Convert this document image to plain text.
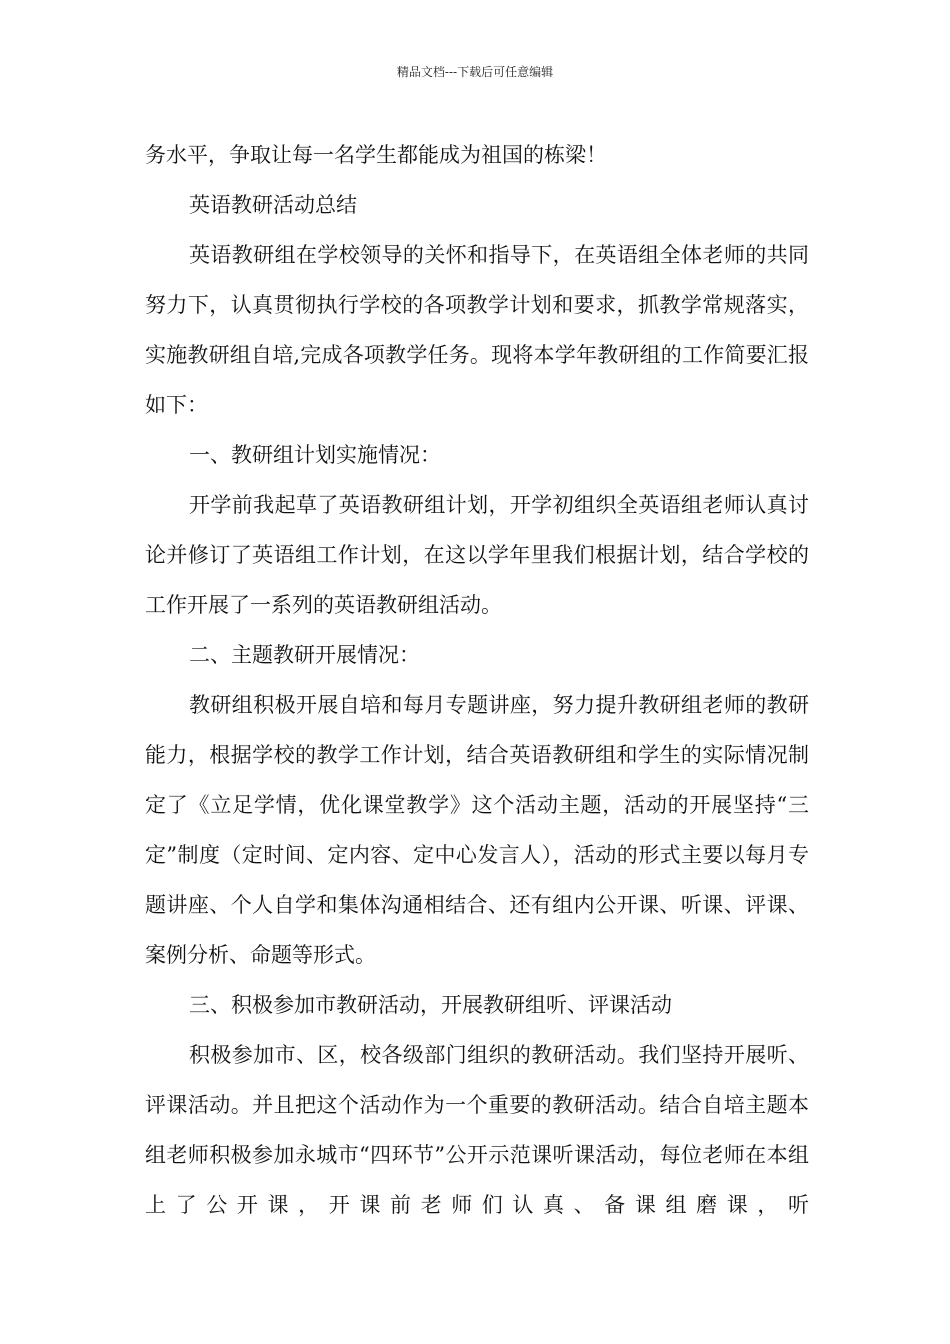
精品文档---下载后可任意编辑

务水平，争取让每一名学生都能成为祖国的栋梁！

英语教研活动总结

英语教研组在学校领导的关怀和指导下，在英语组全体老师的共同努力下，认真贯彻执行学校的各项教学计划和要求，抓教学常规落实，实施教研组自培,完成各项教学任务。现将本学年教研组的工作简要汇报如下：

一、教研组计划实施情况：

开学前我起草了英语教研组计划，开学初组织全英语组老师认真讨论并修订了英语组工作计划，在这以学年里我们根据计划，结合学校的工作开展了一系列的英语教研组活动。

二、主题教研开展情况：

教研组积极开展自培和每月专题讲座，努力提升教研组老师的教研能力，根据学校的教学工作计划，结合英语教研组和学生的实际情况制定了《立足学情，优化课堂教学》这个活动主题，活动的开展坚持“三定”制度（定时间、定内容、定中心发言人），活动的形式主要以每月专题讲座、个人自学和集体沟通相结合、还有组内公开课、听课、评课、案例分析、命题等形式。

三、积极参加市教研活动，开展教研组听、评课活动

积极参加市、区，校各级部门组织的教研活动。我们坚持开展听、评课活动。并且把这个活动作为一个重要的教研活动。结合自培主题本组老师积极参加永城市“四环节”公开示范课听课活动，每位老师在本组上了公开课，开课前老师们认真、备课组磨课，听
